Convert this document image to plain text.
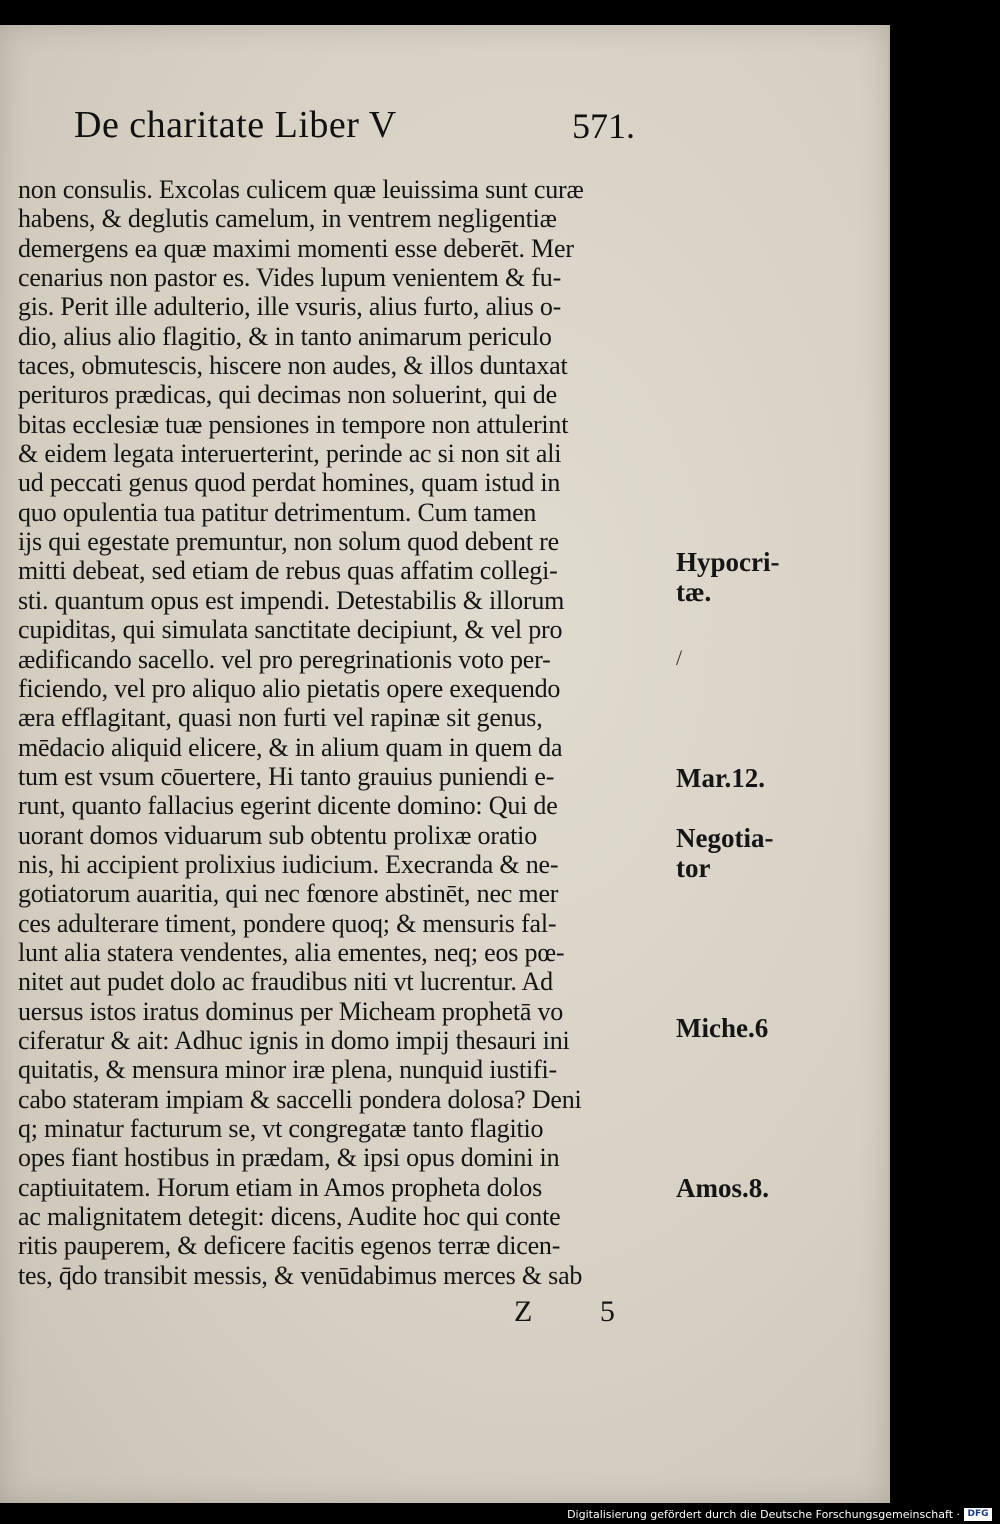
De charitate Liber V	571.
non consulis. Excolas culicem quæ leuissima sunt curæ
habens, & deglutis camelum, in ventrem negligentiæ
demergens ea quæ maximi momenti esse deberēt. Mer
cenarius non pastor es. Vides lupum venientem & fu-
gis. Perit ille adulterio, ille vsuris, alius furto, alius o-
dio, alius alio flagitio, & in tanto animarum periculo
taces, obmutescis, hiscere non audes, & illos duntaxat
perituros prædicas, qui decimas non soluerint, qui de
bitas ecclesiæ tuæ pensiones in tempore non attulerint
& eidem legata interuerterint, perinde ac si non sit ali
ud peccati genus quod perdat homines, quam istud in
quo opulentia tua patitur detrimentum. Cum tamen
ijs qui egestate premuntur, non solum quod debent re
mitti debeat, sed etiam de rebus quas affatim collegi-
sti. quantum opus est impendi. Detestabilis & illorum
cupiditas, qui simulata sanctitate decipiunt, & vel pro
ædificando sacello. vel pro peregrinationis voto per-
ficiendo, vel pro aliquo alio pietatis opere exequendo
æra efflagitant, quasi non furti vel rapinæ sit genus,
mēdacio aliquid elicere, & in alium quam in quem da
tum est vsum cōuertere, Hi tanto grauius puniendi e-
runt, quanto fallacius egerint dicente domino: Qui de
uorant domos viduarum sub obtentu prolixæ oratio
nis, hi accipient prolixius iudicium. Execranda & ne-
gotiatorum auaritia, qui nec fœnore abstinēt, nec mer
ces adulterare timent, pondere quoq; & mensuris fal-
lunt alia statera vendentes, alia ementes, neq; eos pœ-
nitet aut pudet dolo ac fraudibus niti vt lucrentur. Ad
uersus istos iratus dominus per Micheam prophetā vo
ciferatur & ait: Adhuc ignis in domo impij thesauri ini
quitatis, & mensura minor iræ plena, nunquid iustifi-
cabo stateram impiam & saccelli pondera dolosa? Deni
q; minatur facturum se, vt congregatæ tanto flagitio
opes fiant hostibus in prædam, & ipsi opus domini in
captiuitatem. Horum etiam in Amos propheta dolos
ac malignitatem detegit: dicens, Audite hoc qui conte
ritis pauperem, & deficere facitis egenos terræ dicen-
tes, q̄do transibit messis, & venūdabimus merces & sab
Hypocri-
tæ.
Mar.12.
Negotia-
tor
Miche.6
Amos.8.
/
Z 5
Digitalisierung gefördert durch die Deutsche Forschungsgemeinschaft · DFG
